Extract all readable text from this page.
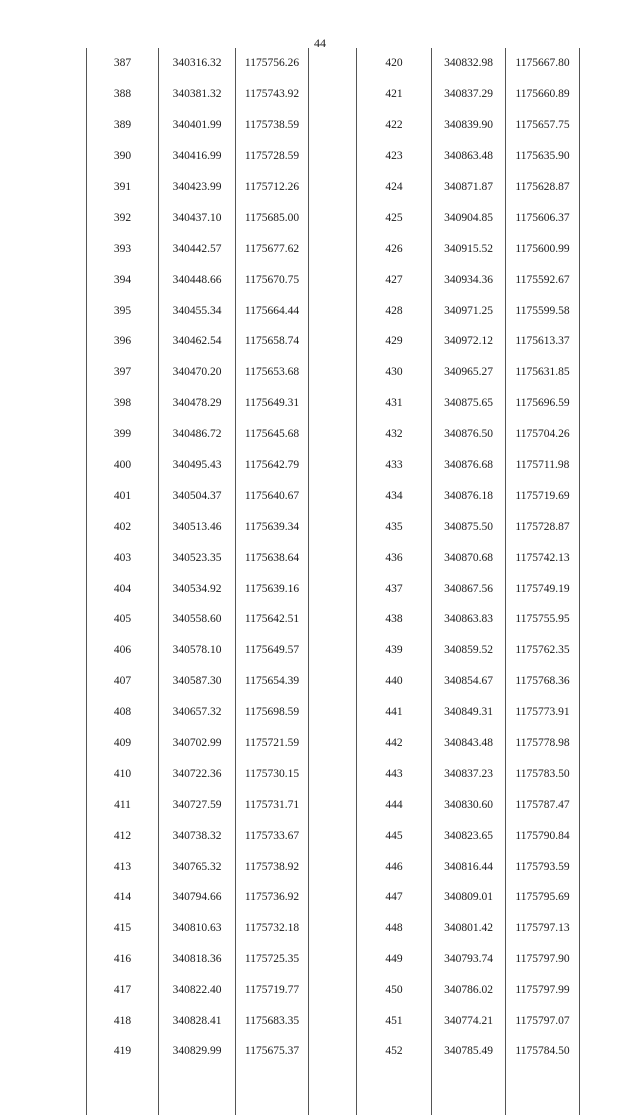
44
387	340316.32	1175756.26
388	340381.32	1175743.92
389	340401.99	1175738.59
390	340416.99	1175728.59
391	340423.99	1175712.26
392	340437.10	1175685.00
393	340442.57	1175677.62
394	340448.66	1175670.75
395	340455.34	1175664.44
396	340462.54	1175658.74
397	340470.20	1175653.68
398	340478.29	1175649.31
399	340486.72	1175645.68
400	340495.43	1175642.79
401	340504.37	1175640.67
402	340513.46	1175639.34
403	340523.35	1175638.64
404	340534.92	1175639.16
405	340558.60	1175642.51
406	340578.10	1175649.57
407	340587.30	1175654.39
408	340657.32	1175698.59
409	340702.99	1175721.59
410	340722.36	1175730.15
411	340727.59	1175731.71
412	340738.32	1175733.67
413	340765.32	1175738.92
414	340794.66	1175736.92
415	340810.63	1175732.18
416	340818.36	1175725.35
417	340822.40	1175719.77
418	340828.41	1175683.35
419	340829.99	1175675.37
420	340832.98	1175667.80
421	340837.29	1175660.89
422	340839.90	1175657.75
423	340863.48	1175635.90
424	340871.87	1175628.87
425	340904.85	1175606.37
426	340915.52	1175600.99
427	340934.36	1175592.67
428	340971.25	1175599.58
429	340972.12	1175613.37
430	340965.27	1175631.85
431	340875.65	1175696.59
432	340876.50	1175704.26
433	340876.68	1175711.98
434	340876.18	1175719.69
435	340875.50	1175728.87
436	340870.68	1175742.13
437	340867.56	1175749.19
438	340863.83	1175755.95
439	340859.52	1175762.35
440	340854.67	1175768.36
441	340849.31	1175773.91
442	340843.48	1175778.98
443	340837.23	1175783.50
444	340830.60	1175787.47
445	340823.65	1175790.84
446	340816.44	1175793.59
447	340809.01	1175795.69
448	340801.42	1175797.13
449	340793.74	1175797.90
450	340786.02	1175797.99
451	340774.21	1175797.07
452	340785.49	1175784.50
